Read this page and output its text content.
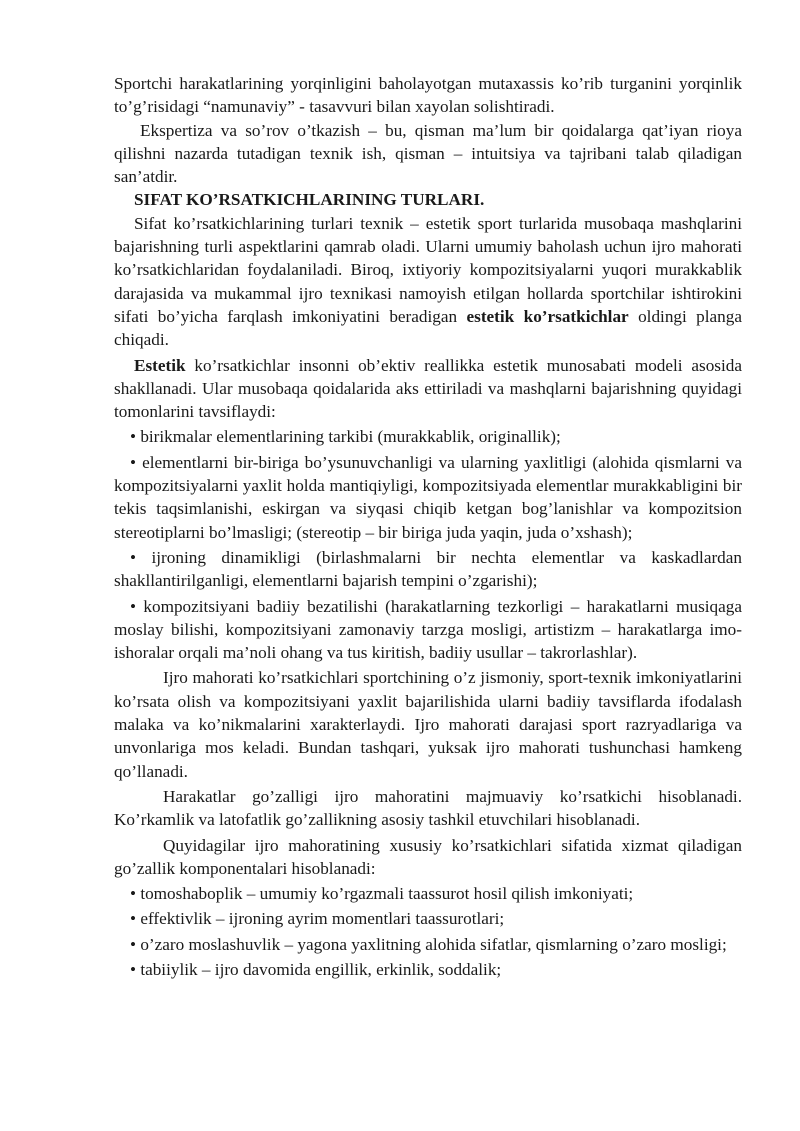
Sportchi harakatlarining yorqinligini baholayotgan mutaxassis ko’rib turganini yorqinlik to’g’risidagi “namunaviy” - tasavvuri bilan xayolan solishtiradi.

Ekspertiza va so’rov o’tkazish – bu, qisman ma’lum bir qoidalarga qat’iyan rioya qilishni nazarda tutadigan texnik ish, qisman – intuitsiya va tajribani talab qiladigan san’atdir.

SIFAT KO’RSATKICHLARINING TURLARI.

Sifat ko’rsatkichlarining turlari texnik – estetik sport turlarida musobaqa mashqlarini bajarishning turli aspektlarini qamrab oladi. Ularni umumiy baholash uchun ijro mahorati ko’rsatkichlaridan foydalaniladi. Biroq, ixtiyoriy kompozitsiyalarni yuqori murakkablik darajasida va mukammal ijro texnikasi namoyish etilgan hollarda sportchilar ishtirokini sifati bo’yicha farqlash imkoniyatini beradigan estetik ko’rsatkichlar oldingi planga chiqadi.

Estetik ko’rsatkichlar insonni ob’ektiv reallikka estetik munosabati modeli asosida shakllanadi. Ular musobaqa qoidalarida aks ettiriladi va mashqlarni bajarishning quyidagi tomonlarini tavsiflaydi:

• birikmalar elementlarining tarkibi (murakkablik, originallik);

• elementlarni bir-biriga bo’ysunuvchanligi va ularning yaxlitligi (alohida qismlarni va kompozitsiyalarni yaxlit holda mantiqiyligi, kompozitsiyada elementlar murakkabligini bir tekis taqsimlanishi, eskirgan va siyqasi chiqib ketgan bog’lanishlar va kompozitsion stereotiplarni bo’lmasligi; (stereotip – bir biriga juda yaqin, juda o’xshash);

• ijroning dinamikligi (birlashmalarni bir nechta elementlar va kaskadlardan shakllantirilganligi, elementlarni bajarish tempini o’zgarishi);

• kompozitsiyani badiiy bezatilishi (harakatlarning tezkorligi – harakatlarni musiqaga moslay bilishi, kompozitsiyani zamonaviy tarzga mosligi, artistizm – harakatlarga imo-ishoralar orqali ma’noli ohang va tus kiritish, badiiy usullar – takrorlashlar).

Ijro mahorati ko’rsatkichlari sportchining o’z jismoniy, sport-texnik imkoniyatlarini ko’rsata olish va kompozitsiyani yaxlit bajarilishida ularni badiiy tavsiflarda ifodalash malaka va ko’nikmalarini xarakterlaydi. Ijro mahorati darajasi sport razryadlariga va unvonlariga mos keladi. Bundan tashqari, yuksak ijro mahorati tushunchasi hamkeng qo’llanadi.

Harakatlar go’zalligi ijro mahoratini majmuaviy ko’rsatkichi hisoblanadi. Ko’rkamlik va latofatlik go’zallikning asosiy tashkil etuvchilari hisoblanadi.

Quyidagilar ijro mahoratining xususiy ko’rsatkichlari sifatida xizmat qiladigan go’zallik komponentalari hisoblanadi:

• tomoshaboplik – umumiy ko’rgazmali taassurot hosil qilish imkoniyati;

• effektivlik – ijroning ayrim momentlari taassurotlari;

• o’zaro moslashuvlik – yagona yaxlitning alohida sifatlar, qismlarning o’zaro mosligi;

• tabiiylik – ijro davomida engillik, erkinlik, soddalik;
